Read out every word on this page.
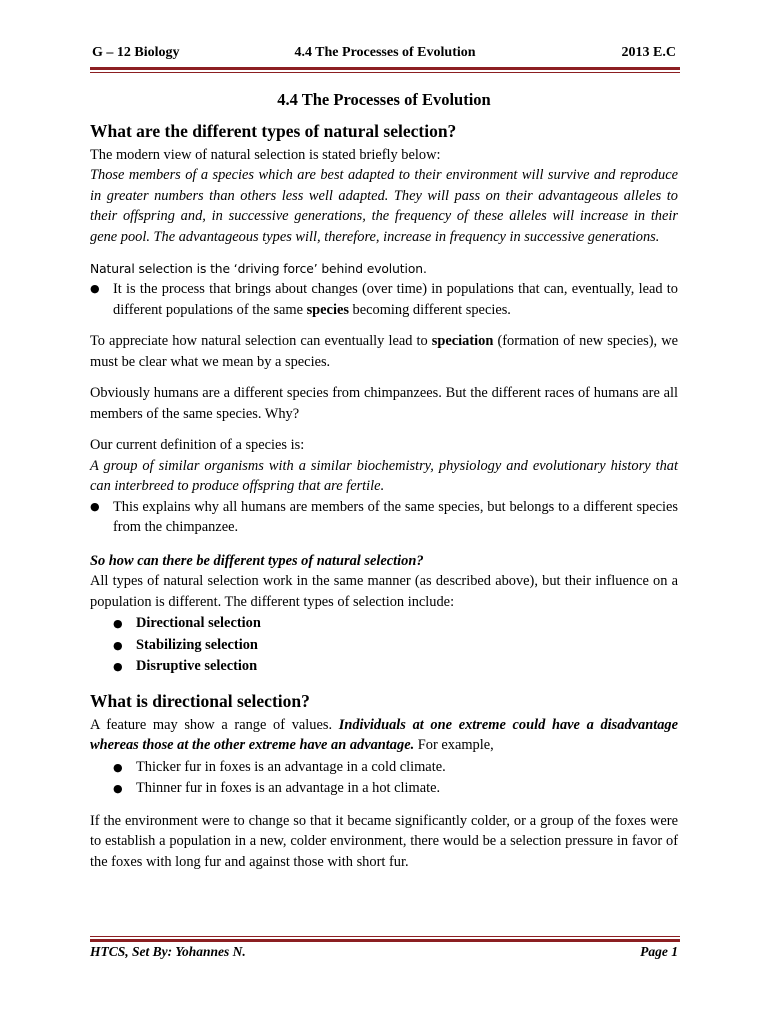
G – 12 Biology	4.4 The Processes of Evolution	2013 E.C

4.4 The Processes of Evolution

What are the different types of natural selection?

The modern view of natural selection is stated briefly below:

Those members of a species which are best adapted to their environment will survive and reproduce in greater numbers than others less well adapted. They will pass on their advantageous alleles to their offspring and, in successive generations, the frequency of these alleles will increase in their gene pool. The advantageous types will, therefore, increase in frequency in successive generations.

Natural selection is the ‘driving force’ behind evolution.

● It is the process that brings about changes (over time) in populations that can, eventually, lead to different populations of the same species becoming different species.

To appreciate how natural selection can eventually lead to speciation (formation of new species), we must be clear what we mean by a species.

Obviously humans are a different species from chimpanzees. But the different races of humans are all members of the same species. Why?

Our current definition of a species is:

A group of similar organisms with a similar biochemistry, physiology and evolutionary history that can interbreed to produce offspring that are fertile.

● This explains why all humans are members of the same species, but belongs to a different species from the chimpanzee.

So how can there be different types of natural selection?

All types of natural selection work in the same manner (as described above), but their influence on a population is different. The different types of selection include:

● Directional selection
● Stabilizing selection
● Disruptive selection

What is directional selection?

A feature may show a range of values. Individuals at one extreme could have a disadvantage whereas those at the other extreme have an advantage. For example,

● Thicker fur in foxes is an advantage in a cold climate.
● Thinner fur in foxes is an advantage in a hot climate.

If the environment were to change so that it became significantly colder, or a group of the foxes were to establish a population in a new, colder environment, there would be a selection pressure in favor of the foxes with long fur and against those with short fur.

HTCS, Set By: Yohannes N.	Page 1
